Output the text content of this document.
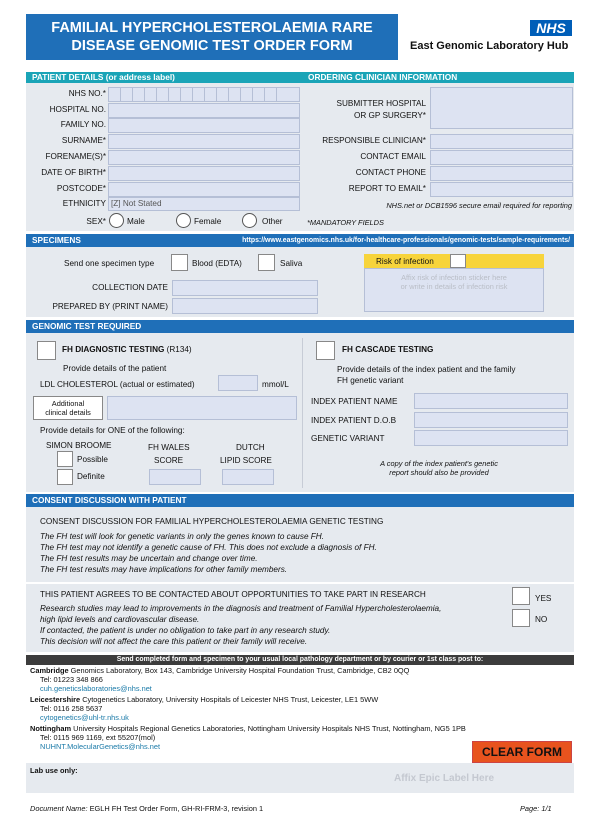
FAMILIAL HYPERCHOLESTEROLAEMIA RARE
DISEASE GENOMIC TEST ORDER FORM
NHS
East Genomic Laboratory Hub
PATIENT DETAILS (or address label)	ORDERING CLINICIAN INFORMATION
NHS NO.*
HOSPITAL NO.
FAMILY NO.
SURNAME*
FORENAME(S)*
DATE OF BIRTH*
POSTCODE*
ETHNICITY [Z] Not Stated
SEX*	Male	Female	Other
SUBMITTER HOSPITAL
OR GP SURGERY*
RESPONSIBLE CLINICIAN*
CONTACT EMAIL
CONTACT PHONE
REPORT TO EMAIL*
NHS.net or DCB1596 secure email required for reporting
*MANDATORY FIELDS
SPECIMENS	https://www.eastgenomics.nhs.uk/for-healthcare-professionals/genomic-tests/sample-requirements/
Send one specimen type	Blood (EDTA)	Saliva	Risk of infection
Affix risk of infection sticker here
or write in details of infection risk
COLLECTION DATE
PREPARED BY (PRINT NAME)
GENOMIC TEST REQUIRED
FH DIAGNOSTIC TESTING (R134)
Provide details of the patient
LDL CHOLESTEROL (actual or estimated)	mmol/L
Additional
clinical details
Provide details for ONE of the following:
SIMON BROOME
Possible
Definite
FH WALES
SCORE
DUTCH
LIPID SCORE
FH CASCADE TESTING
Provide details of the index patient and the family
FH genetic variant
INDEX PATIENT NAME
INDEX PATIENT D.O.B
GENETIC VARIANT
A copy of the index patient's genetic
report should also be provided
CONSENT DISCUSSION WITH PATIENT
CONSENT DISCUSSION FOR FAMILIAL HYPERCHOLESTEROLAEMIA GENETIC TESTING
The FH test will look for genetic variants in only the genes known to cause FH.
The FH test may not identify a genetic cause of FH. This does not exclude a diagnosis of FH.
The FH test results may be uncertain and change over time.
The FH test results may have implications for other family members.
THIS PATIENT AGREES TO BE CONTACTED ABOUT OPPORTUNITIES TO TAKE PART IN RESEARCH
Research studies may lead to improvements in the diagnosis and treatment of Familial Hypercholesterolaemia,
high lipid levels and cardiovascular disease.
If contacted, the patient is under no obligation to take part in any research study.
This decision will not affect the care this patient or their family will receive.
YES
NO
Send completed form and specimen to your usual local pathology department or by courier or 1st class post to:
Cambridge Genomics Laboratory, Box 143, Cambridge University Hospital Foundation Trust, Cambridge, CB2 0QQ
Tel: 01223 348 866
cuh.geneticslaboratories@nhs.net
Leicestershire Cytogenetics Laboratory, University Hospitals of Leicester NHS Trust, Leicester, LE1 5WW
Tel: 0116 258 5637
cytogenetics@uhl-tr.nhs.uk
Nottingham University Hospitals Regional Genetics Laboratories, Nottingham University Hospitals NHS Trust, Nottingham, NG5 1PB
Tel: 0115 969 1169, ext 55207(mol)
NUHNT.MolecularGenetics@nhs.net	CLEAR FORM
Lab use only:
Affix Epic Label Here
Document Name: EGLH FH Test Order Form, GH-RI-FRM-3, revision 1	Page: 1/1
